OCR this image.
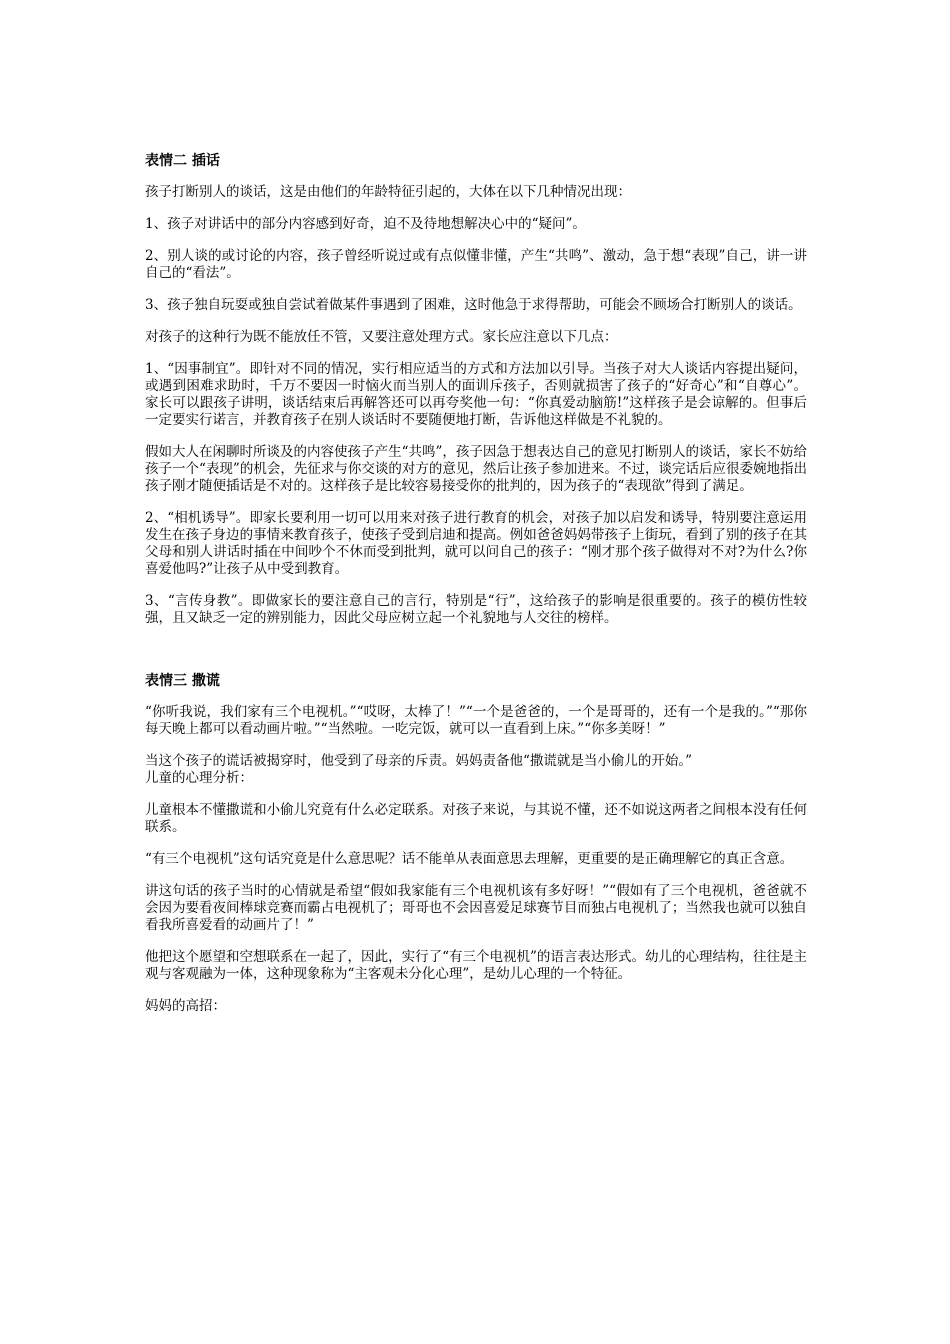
表情二 插话

孩子打断别人的谈话，这是由他们的年龄特征引起的，大体在以下几种情况出现：

1、孩子对讲话中的部分内容感到好奇，迫不及待地想解决心中的“疑问”。

2、别人谈的或讨论的内容，孩子曾经听说过或有点似懂非懂，产生“共鸣”、激动，急于想“表现”自己，讲一讲自己的“看法”。

3、孩子独自玩耍或独自尝试着做某件事遇到了困难，这时他急于求得帮助，可能会不顾场合打断别人的谈话。

对孩子的这种行为既不能放任不管，又要注意处理方式。家长应注意以下几点：

1、“因事制宜”。即针对不同的情况，实行相应适当的方式和方法加以引导。当孩子对大人谈话内容提出疑问，或遇到困难求助时，千万不要因一时恼火而当别人的面训斥孩子，否则就损害了孩子的“好奇心”和“自尊心”。家长可以跟孩子讲明，谈话结束后再解答还可以再夸奖他一句：“你真爱动脑筋!”这样孩子是会谅解的。但事后一定要实行诺言，并教育孩子在别人谈话时不要随便地打断，告诉他这样做是不礼貌的。

假如大人在闲聊时所谈及的内容使孩子产生“共鸣”，孩子因急于想表达自己的意见打断别人的谈话，家长不妨给孩子一个“表现”的机会，先征求与你交谈的对方的意见，然后让孩子参加进来。不过，谈完话后应很委婉地指出孩子刚才随便插话是不对的。这样孩子是比较容易接受你的批判的，因为孩子的“表现欲”得到了满足。

2、“相机诱导”。即家长要利用一切可以用来对孩子进行教育的机会，对孩子加以启发和诱导，特别要注意运用发生在孩子身边的事情来教育孩子，使孩子受到启迪和提高。例如爸爸妈妈带孩子上街玩，看到了别的孩子在其父母和别人讲话时插在中间吵个不休而受到批判，就可以问自己的孩子：“刚才那个孩子做得对不对?为什么?你喜爱他吗?”让孩子从中受到教育。

3、“言传身教”。即做家长的要注意自己的言行，特别是“行”，这给孩子的影响是很重要的。孩子的模仿性较强，且又缺乏一定的辨别能力，因此父母应树立起一个礼貌地与人交往的榜样。

表情三 撒谎

“你听我说，我们家有三个电视机。”“哎呀，太棒了！”“一个是爸爸的，一个是哥哥的，还有一个是我的。”“那你每天晚上都可以看动画片啦。”“当然啦。一吃完饭，就可以一直看到上床。”“你多美呀！”

当这个孩子的谎话被揭穿时，他受到了母亲的斥责。妈妈责备他“撒谎就是当小偷儿的开始。”

儿童的心理分析：

儿童根本不懂撒谎和小偷儿究竟有什么必定联系。对孩子来说，与其说不懂，还不如说这两者之间根本没有任何联系。

“有三个电视机”这句话究竟是什么意思呢？话不能单从表面意思去理解，更重要的是正确理解它的真正含意。

讲这句话的孩子当时的心情就是希望“假如我家能有三个电视机该有多好呀！”“假如有了三个电视机，爸爸就不会因为要看夜间棒球竞赛而霸占电视机了；哥哥也不会因喜爱足球赛节目而独占电视机了；当然我也就可以独自看我所喜爱看的动画片了！”

他把这个愿望和空想联系在一起了，因此，实行了“有三个电视机”的语言表达形式。幼儿的心理结构，往往是主观与客观融为一体，这种现象称为“主客观未分化心理”，是幼儿心理的一个特征。

妈妈的高招：
